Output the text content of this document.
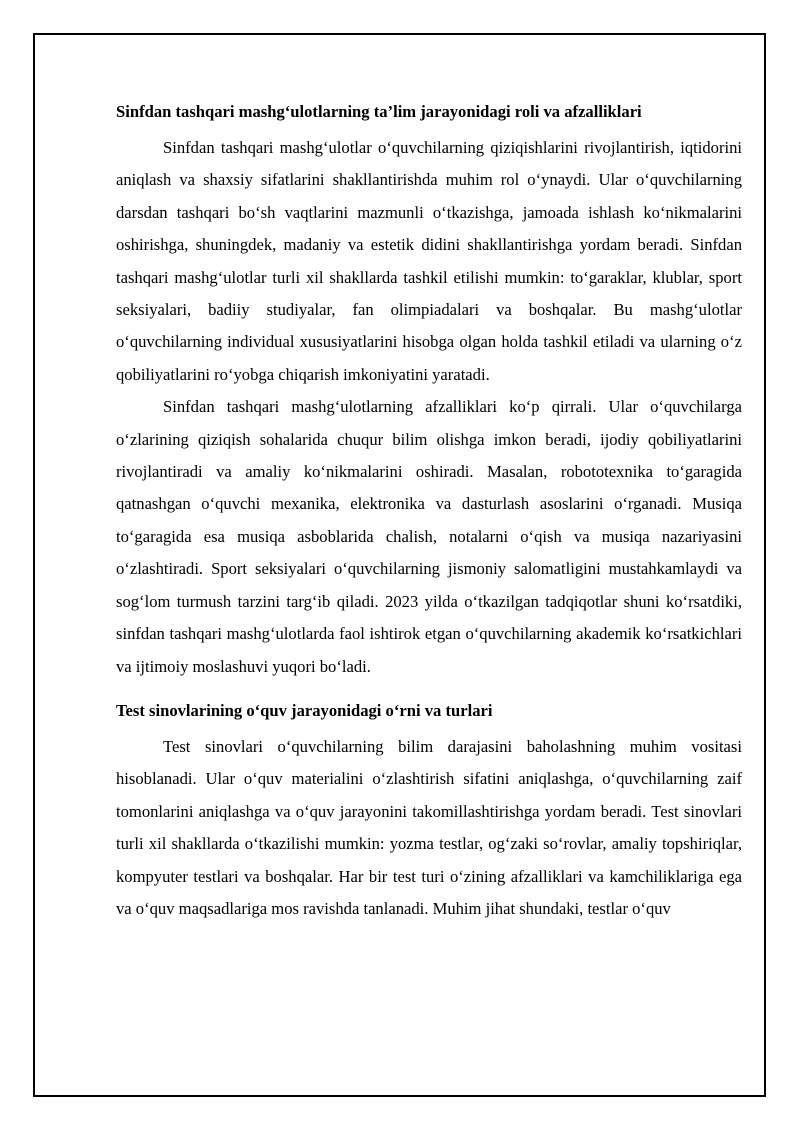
Sinfdan tashqari mashg‘ulotlarning ta’lim jarayonidagi roli va afzalliklari

Sinfdan tashqari mashg‘ulotlar o‘quvchilarning qiziqishlarini rivojlantirish, iqtidorini aniqlash va shaxsiy sifatlarini shakllantirishda muhim rol o‘ynaydi. Ular o‘quvchilarning darsdan tashqari bo‘sh vaqtlarini mazmunli o‘tkazishga, jamoada ishlash ko‘nikmalarini oshirishga, shuningdek, madaniy va estetik didini shakllantirishga yordam beradi. Sinfdan tashqari mashg‘ulotlar turli xil shakllarda tashkil etilishi mumkin: to‘garaklar, klublar, sport seksiyalari, badiiy studiyalar, fan olimpiadalari va boshqalar. Bu mashg‘ulotlar o‘quvchilarning individual xususiyatlarini hisobga olgan holda tashkil etiladi va ularning o‘z qobiliyatlarini ro‘yobga chiqarish imkoniyatini yaratadi.

Sinfdan tashqari mashg‘ulotlarning afzalliklari ko‘p qirrali. Ular o‘quvchilarga o‘zlarining qiziqish sohalarida chuqur bilim olishga imkon beradi, ijodiy qobiliyatlarini rivojlantiradi va amaliy ko‘nikmalarini oshiradi. Masalan, robototexnika to‘garagida qatnashgan o‘quvchi mexanika, elektronika va dasturlash asoslarini o‘rganadi. Musiqa to‘garagida esa musiqa asboblarida chalish, notalarni o‘qish va musiqa nazariyasini o‘zlashtiradi. Sport seksiyalari o‘quvchilarning jismoniy salomatligini mustahkamlaydi va sog‘lom turmush tarzini targ‘ib qiladi. 2023 yilda o‘tkazilgan tadqiqotlar shuni ko‘rsatdiki, sinfdan tashqari mashg‘ulotlarda faol ishtirok etgan o‘quvchilarning akademik ko‘rsatkichlari va ijtimoiy moslashuvi yuqori bo‘ladi.

Test sinovlarining o‘quv jarayonidagi o‘rni va turlari

Test sinovlari o‘quvchilarning bilim darajasini baholashning muhim vositasi hisoblanadi. Ular o‘quv materialini o‘zlashtirish sifatini aniqlashga, o‘quvchilarning zaif tomonlarini aniqlashga va o‘quv jarayonini takomillashtirishga yordam beradi. Test sinovlari turli xil shakllarda o‘tkazilishi mumkin: yozma testlar, og‘zaki so‘rovlar, amaliy topshiriqlar, kompyuter testlari va boshqalar. Har bir test turi o‘zining afzalliklari va kamchiliklariga ega va o‘quv maqsadlariga mos ravishda tanlanadi. Muhim jihat shundaki, testlar o‘quv
